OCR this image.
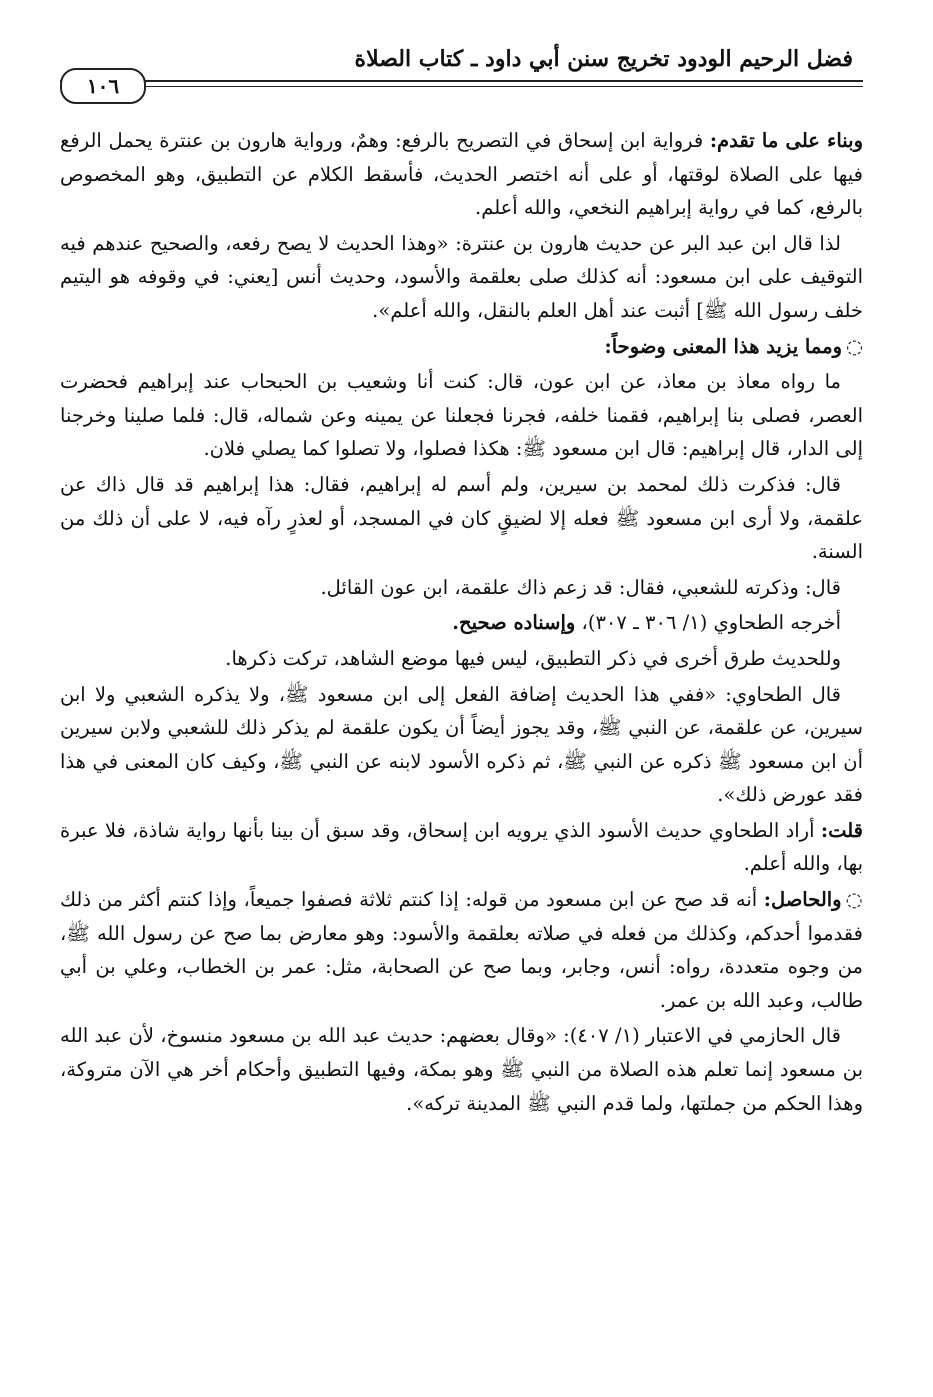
فضل الرحيم الودود تخريج سنن أبي داود ـ كتاب الصلاة
١٠٦

وبناء على ما تقدم: فرواية ابن إسحاق في التصريح بالرفع: وهمٌ، ورواية هارون بن عنترة يحمل الرفع فيها على الصلاة لوقتها، أو على أنه اختصر الحديث، فأسقط الكلام عن التطبيق، وهو المخصوص بالرفع، كما في رواية إبراهيم النخعي، والله أعلم.

لذا قال ابن عبد البر عن حديث هارون بن عنترة: «وهذا الحديث لا يصح رفعه، والصحيح عندهم فيه التوقيف على ابن مسعود: أنه كذلك صلى بعلقمة والأسود، وحديث أنس [يعني: في وقوفه هو اليتيم خلف رسول الله ﷺ] أثبت عند أهل العلم بالنقل، والله أعلم».

◌ومما يزيد هذا المعنى وضوحاً:

ما رواه معاذ بن معاذ، عن ابن عون، قال: كنت أنا وشعيب بن الحبحاب عند إبراهيم فحضرت العصر، فصلى بنا إبراهيم، فقمنا خلفه، فجرنا فجعلنا عن يمينه وعن شماله، قال: فلما صلينا وخرجنا إلى الدار، قال إبراهيم: قال ابن مسعود ﷺ: هكذا فصلوا، ولا تصلوا كما يصلي فلان.

قال: فذكرت ذلك لمحمد بن سيرين، ولم أسم له إبراهيم، فقال: هذا إبراهيم قد قال ذاك عن علقمة، ولا أرى ابن مسعود ﷺ فعله إلا لضيقٍ كان في المسجد، أو لعذرٍ رآه فيه، لا على أن ذلك من السنة.

قال: وذكرته للشعبي، فقال: قد زعم ذاك علقمة، ابن عون القائل.

أخرجه الطحاوي (١/ ٣٠٦ ـ ٣٠٧)، وإسناده صحيح.

وللحديث طرق أخرى في ذكر التطبيق، ليس فيها موضع الشاهد، تركت ذكرها.

قال الطحاوي: «ففي هذا الحديث إضافة الفعل إلى ابن مسعود ﷺ، ولا يذكره الشعبي ولا ابن سيرين، عن علقمة، عن النبي ﷺ، وقد يجوز أيضاً أن يكون علقمة لم يذكر ذلك للشعبي ولابن سيرين أن ابن مسعود ﷺ ذكره عن النبي ﷺ، ثم ذكره الأسود لابنه عن النبي ﷺ، وكيف كان المعنى في هذا فقد عورض ذلك».

قلت: أراد الطحاوي حديث الأسود الذي يرويه ابن إسحاق، وقد سبق أن بينا بأنها رواية شاذة، فلا عبرة بها، والله أعلم.

◌والحاصل: أنه قد صح عن ابن مسعود من قوله: إذا كنتم ثلاثة فصفوا جميعاً، وإذا كنتم أكثر من ذلك فقدموا أحدكم، وكذلك من فعله في صلاته بعلقمة والأسود: وهو معارض بما صح عن رسول الله ﷺ، من وجوه متعددة، رواه: أنس، وجابر، وبما صح عن الصحابة، مثل: عمر بن الخطاب، وعلي بن أبي طالب، وعبد الله بن عمر.

قال الحازمي في الاعتبار (١/ ٤٠٧): «وقال بعضهم: حديث عبد الله بن مسعود منسوخ، لأن عبد الله بن مسعود إنما تعلم هذه الصلاة من النبي ﷺ وهو بمكة، وفيها التطبيق وأحكام أخر هي الآن متروكة، وهذا الحكم من جملتها، ولما قدم النبي ﷺ المدينة تركه».
